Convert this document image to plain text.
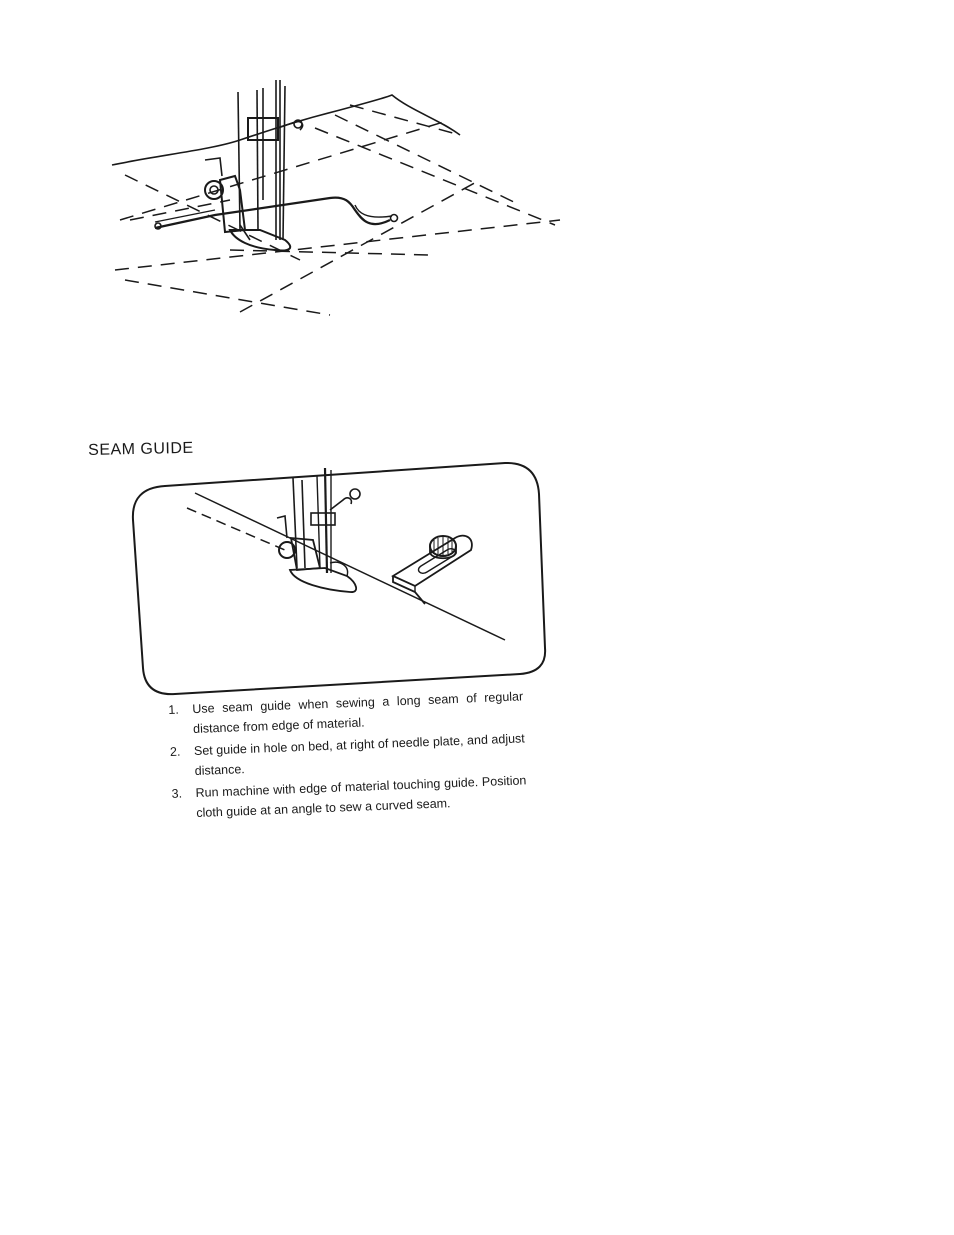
SEAM GUIDE
1. Use seam guide when sewing a long seam of regular distance from edge of material.
2. Set guide in hole on bed, at right of needle plate, and adjust distance.
3. Run machine with edge of material touching guide. Position cloth guide at an angle to sew a curved seam.
